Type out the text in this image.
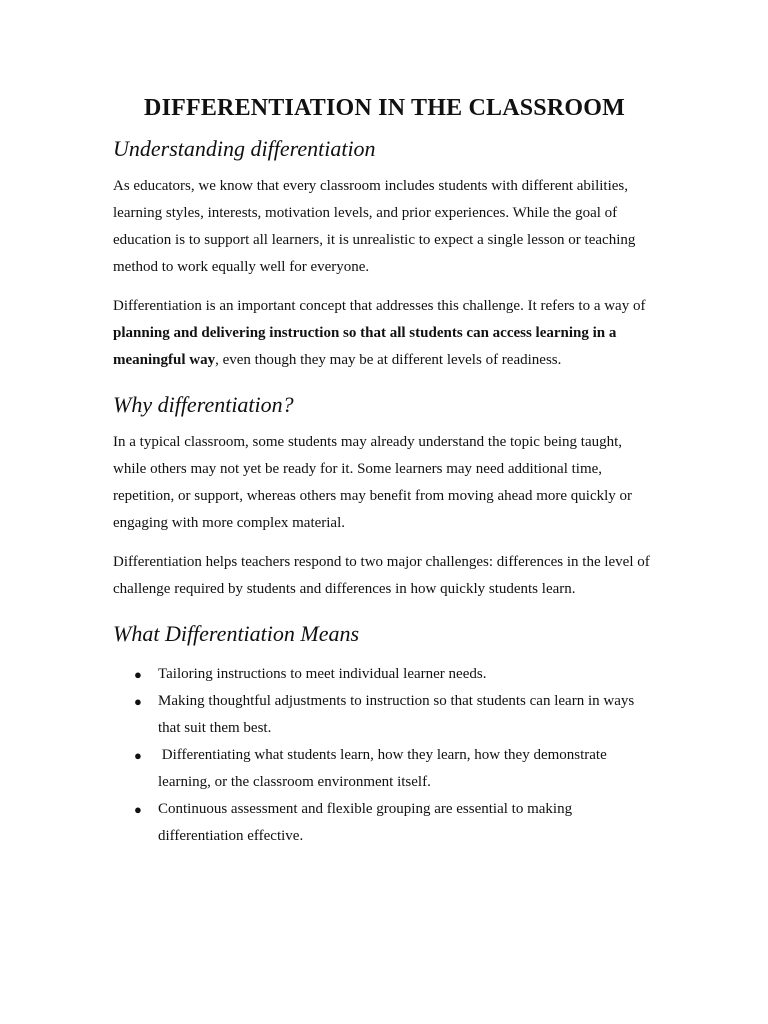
DIFFERENTIATION IN THE CLASSROOM
Understanding differentiation

As educators, we know that every classroom includes students with different abilities, learning styles, interests, motivation levels, and prior experiences. While the goal of education is to support all learners, it is unrealistic to expect a single lesson or teaching method to work equally well for everyone.

Differentiation is an important concept that addresses this challenge. It refers to a way of planning and delivering instruction so that all students can access learning in a meaningful way, even though they may be at different levels of readiness.

Why differentiation?

In a typical classroom, some students may already understand the topic being taught, while others may not yet be ready for it. Some learners may need additional time, repetition, or support, whereas others may benefit from moving ahead more quickly or engaging with more complex material.

Differentiation helps teachers respond to two major challenges: differences in the level of challenge required by students and differences in how quickly students learn.

What Differentiation Means
● Tailoring instructions to meet individual learner needs.
● Making thoughtful adjustments to instruction so that students can learn in ways that suit them best.
● Differentiating what students learn, how they learn, how they demonstrate learning, or the classroom environment itself.
● Continuous assessment and flexible grouping are essential to making differentiation effective.
